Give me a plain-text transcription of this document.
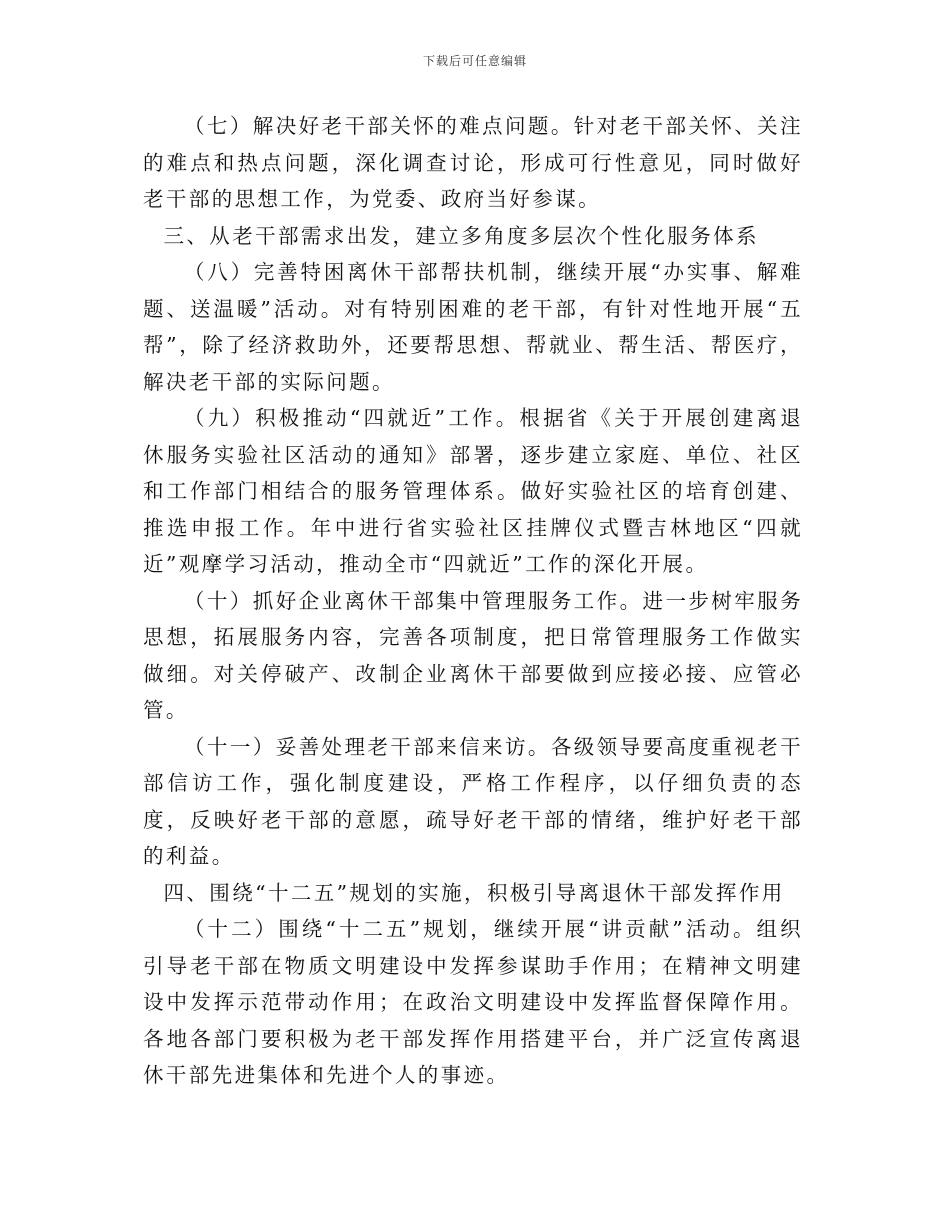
下载后可任意编辑

（七）解决好老干部关怀的难点问题。针对老干部关怀、关注的难点和热点问题，深化调查讨论，形成可行性意见，同时做好老干部的思想工作，为党委、政府当好参谋。

三、从老干部需求出发，建立多角度多层次个性化服务体系

（八）完善特困离休干部帮扶机制，继续开展“办实事、解难题、送温暖”活动。对有特别困难的老干部，有针对性地开展“五帮”，除了经济救助外，还要帮思想、帮就业、帮生活、帮医疗，解决老干部的实际问题。

（九）积极推动“四就近”工作。根据省《关于开展创建离退休服务实验社区活动的通知》部署，逐步建立家庭、单位、社区和工作部门相结合的服务管理体系。做好实验社区的培育创建、推选申报工作。年中进行省实验社区挂牌仪式暨吉林地区“四就近”观摩学习活动，推动全市“四就近”工作的深化开展。

（十）抓好企业离休干部集中管理服务工作。进一步树牢服务思想，拓展服务内容，完善各项制度，把日常管理服务工作做实做细。对关停破产、改制企业离休干部要做到应接必接、应管必管。

（十一）妥善处理老干部来信来访。各级领导要高度重视老干部信访工作，强化制度建设，严格工作程序，以仔细负责的态度，反映好老干部的意愿，疏导好老干部的情绪，维护好老干部的利益。

四、围绕“十二五”规划的实施，积极引导离退休干部发挥作用

（十二）围绕“十二五”规划，继续开展“讲贡献”活动。组织引导老干部在物质文明建设中发挥参谋助手作用；在精神文明建设中发挥示范带动作用；在政治文明建设中发挥监督保障作用。各地各部门要积极为老干部发挥作用搭建平台，并广泛宣传离退休干部先进集体和先进个人的事迹。
